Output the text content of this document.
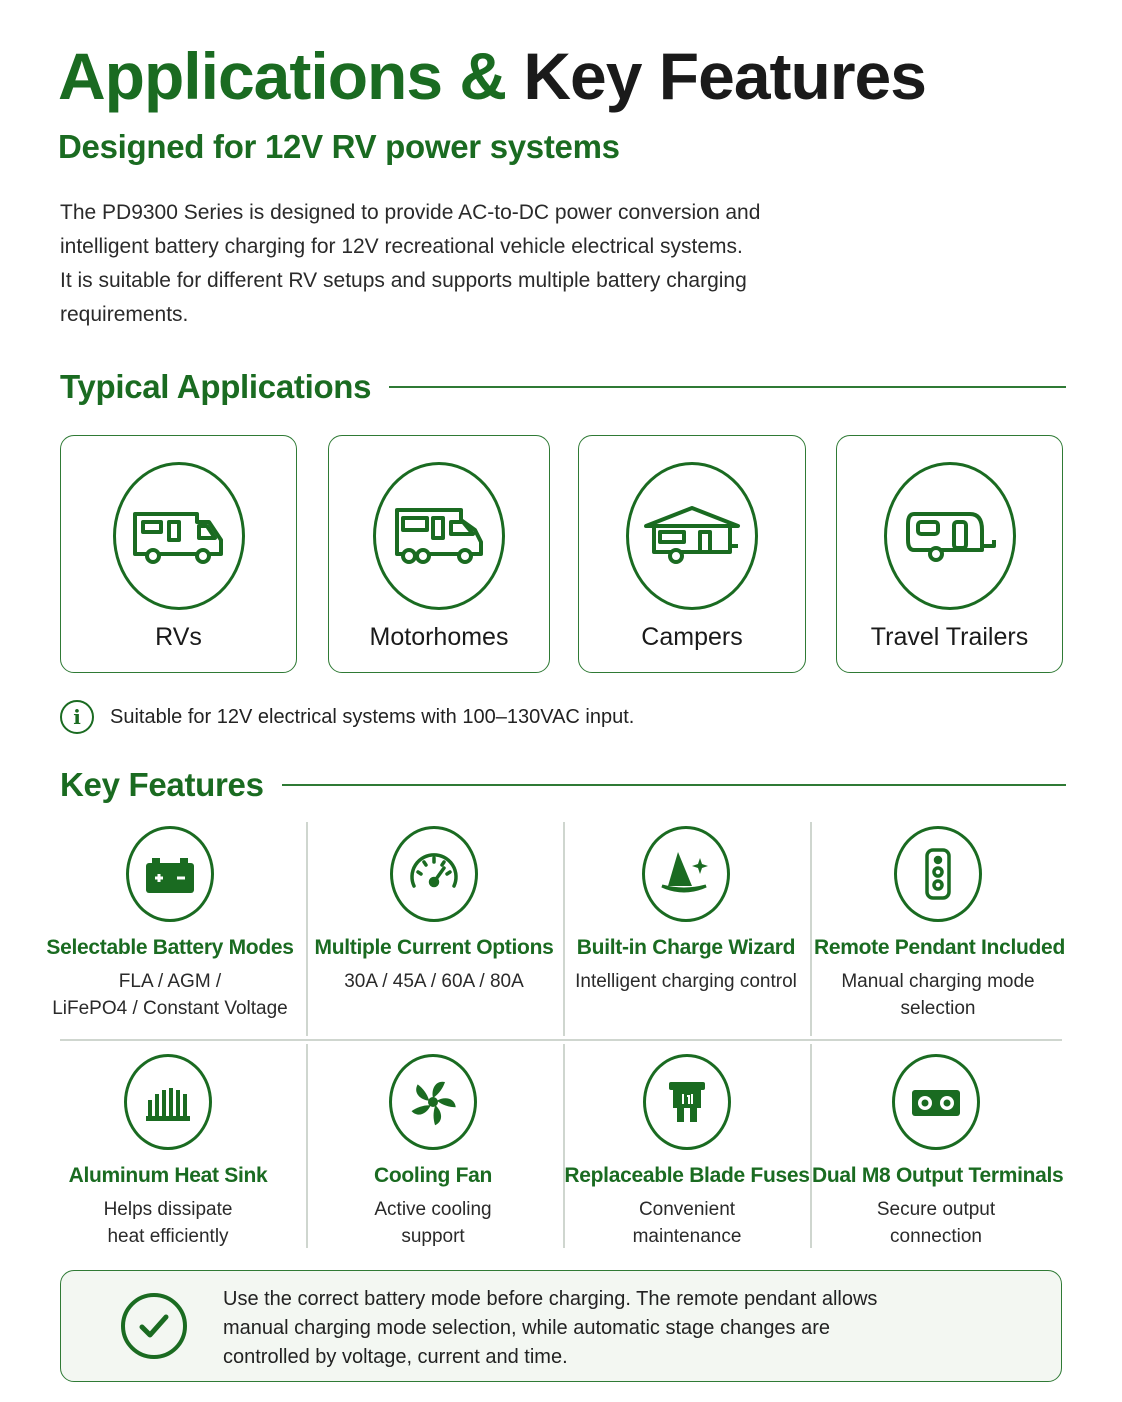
Applications & Key Features
Designed for 12V RV power systems

The PD9300 Series is designed to provide AC-to-DC power conversion and

intelligent battery charging for 12V recreational vehicle electrical systems.

It is suitable for different RV setups and supports multiple battery charging

requirements.

Typical Applications
RVs	Motorhomes	Campers	Travel Trailers
i	Suitable for 12V electrical systems with 100–130VAC input.
Key Features
Selectable Battery Modes
FLA / AGM /
LiFePO4 / Constant Voltage
Multiple Current Options
30A / 45A / 60A / 80A
Built-in Charge Wizard
Intelligent charging control
Remote Pendant Included
Manual charging mode
selection
Aluminum Heat Sink
Helps dissipate
heat efficiently
Cooling Fan
Active cooling
support
Replaceable Blade Fuses
Convenient
maintenance
Dual M8 Output Terminals
Secure output
connection
Use the correct battery mode before charging. The remote pendant allows
manual charging mode selection, while automatic stage changes are
controlled by voltage, current and time.
